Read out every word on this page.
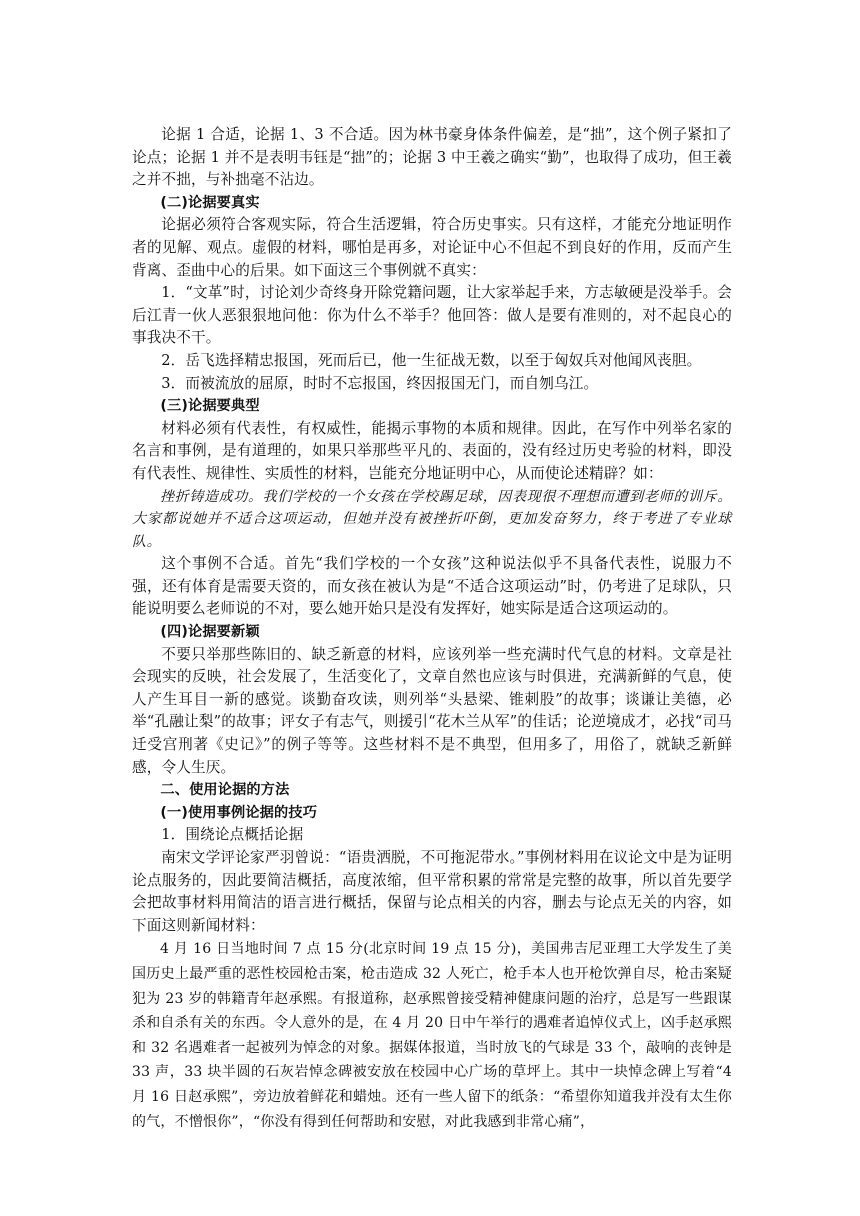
论据 1 合适，论据 1、3 不合适。因为林书豪身体条件偏差，是“拙”，这个例子紧扣了论点；论据 1 并不是表明韦钰是“拙”的；论据 3 中王羲之确实“勤”，也取得了成功，但王羲之并不拙，与补拙毫不沾边。

(二)论据要真实

论据必须符合客观实际，符合生活逻辑，符合历史事实。只有这样，才能充分地证明作者的见解、观点。虚假的材料，哪怕是再多，对论证中心不但起不到良好的作用，反而产生背离、歪曲中心的后果。如下面这三个事例就不真实：

1．“文革”时，讨论刘少奇终身开除党籍问题，让大家举起手来，方志敏硬是没举手。会后江青一伙人恶狠狠地问他：你为什么不举手？他回答：做人是要有准则的，对不起良心的事我决不干。

2．岳飞选择精忠报国，死而后已，他一生征战无数，以至于匈奴兵对他闻风丧胆。

3．而被流放的屈原，时时不忘报国，终因报国无门，而自刎乌江。

(三)论据要典型

材料必须有代表性，有权威性，能揭示事物的本质和规律。因此，在写作中列举名家的名言和事例，是有道理的，如果只举那些平凡的、表面的，没有经过历史考验的材料，即没有代表性、规律性、实质性的材料，岂能充分地证明中心，从而使论述精辟？如：

挫折铸造成功。我们学校的一个女孩在学校踢足球，因表现很不理想而遭到老师的训斥。大家都说她并不适合这项运动，但她并没有被挫折吓倒，更加发奋努力，终于考进了专业球队。

这个事例不合适。首先“我们学校的一个女孩”这种说法似乎不具备代表性，说服力不强，还有体育是需要天资的，而女孩在被认为是“不适合这项运动”时，仍考进了足球队，只能说明要么老师说的不对，要么她开始只是没有发挥好，她实际是适合这项运动的。

(四)论据要新颖

不要只举那些陈旧的、缺乏新意的材料，应该列举一些充满时代气息的材料。文章是社会现实的反映，社会发展了，生活变化了，文章自然也应该与时俱进，充满新鲜的气息，使人产生耳目一新的感觉。谈勤奋攻读，则列举“头悬梁、锥刺股”的故事；谈谦让美德，必举“孔融让梨”的故事；评女子有志气，则援引“花木兰从军”的佳话；论逆境成才，必找“司马迁受宫刑著《史记》”的例子等等。这些材料不是不典型，但用多了，用俗了，就缺乏新鲜感，令人生厌。

二、使用论据的方法

(一)使用事例论据的技巧

1．围绕论点概括论据

南宋文学评论家严羽曾说：“语贵洒脱，不可拖泥带水。”事例材料用在议论文中是为证明论点服务的，因此要简洁概括，高度浓缩，但平常积累的常常是完整的故事，所以首先要学会把故事材料用简洁的语言进行概括，保留与论点相关的内容，删去与论点无关的内容，如下面这则新闻材料：

4 月 16 日当地时间 7 点 15 分(北京时间 19 点 15 分)，美国弗吉尼亚理工大学发生了美国历史上最严重的恶性校园枪击案，枪击造成 32 人死亡，枪手本人也开枪饮弹自尽，枪击案疑犯为 23 岁的韩籍青年赵承熙。有报道称，赵承熙曾接受精神健康问题的治疗，总是写一些跟谋杀和自杀有关的东西。令人意外的是，在 4 月 20 日中午举行的遇难者追悼仪式上，凶手赵承熙和 32 名遇难者一起被列为悼念的对象。据媒体报道，当时放飞的气球是 33 个，敲响的丧钟是 33 声，33 块半圆的石灰岩悼念碑被安放在校园中心广场的草坪上。其中一块悼念碑上写着“4 月 16 日赵承熙”，旁边放着鲜花和蜡烛。还有一些人留下的纸条：“希望你知道我并没有太生你的气，不憎恨你”，“你没有得到任何帮助和安慰，对此我感到非常心痛”，
